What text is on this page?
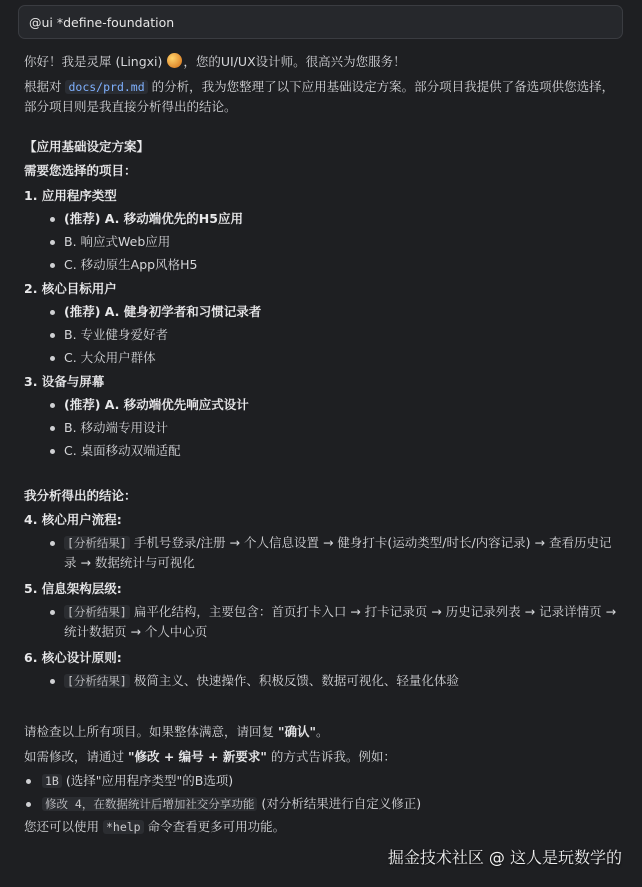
@ui *define-foundation
你好！我是灵犀 (Lingxi) ，您的UI/UX设计师。很高兴为您服务！
根据对 docs/prd.md 的分析，我为您整理了以下应用基础设定方案。部分项目我提供了备选项供您选择，部分项目则是我直接分析得出的结论。
【应用基础设定方案】
需要您选择的项目：
1. 应用程序类型
(推荐) A. 移动端优先的H5应用
B. 响应式Web应用
C. 移动原生App风格H5
2. 核心目标用户
(推荐) A. 健身初学者和习惯记录者
B. 专业健身爱好者
C. 大众用户群体
3. 设备与屏幕
(推荐) A. 移动端优先响应式设计
B. 移动端专用设计
C. 桌面移动双端适配
我分析得出的结论：
4. 核心用户流程:
[分析结果] 手机号登录/注册 → 个人信息设置 → 健身打卡(运动类型/时长/内容记录) → 查看历史记录 → 数据统计与可视化
5. 信息架构层级:
[分析结果] 扁平化结构，主要包含：首页打卡入口 → 打卡记录页 → 历史记录列表 → 记录详情页 → 统计数据页 → 个人中心页
6. 核心设计原则:
[分析结果] 极简主义、快速操作、积极反馈、数据可视化、轻量化体验
请检查以上所有项目。如果整体满意，请回复 "确认"。
如需修改，请通过 "修改 + 编号 + 新要求" 的方式告诉我。例如：
1B (选择"应用程序类型"的B选项)
修改 4，在数据统计后增加社交分享功能 (对分析结果进行自定义修正)
您还可以使用 *help 命令查看更多可用功能。
掘金技术社区 @ 这人是玩数学的
